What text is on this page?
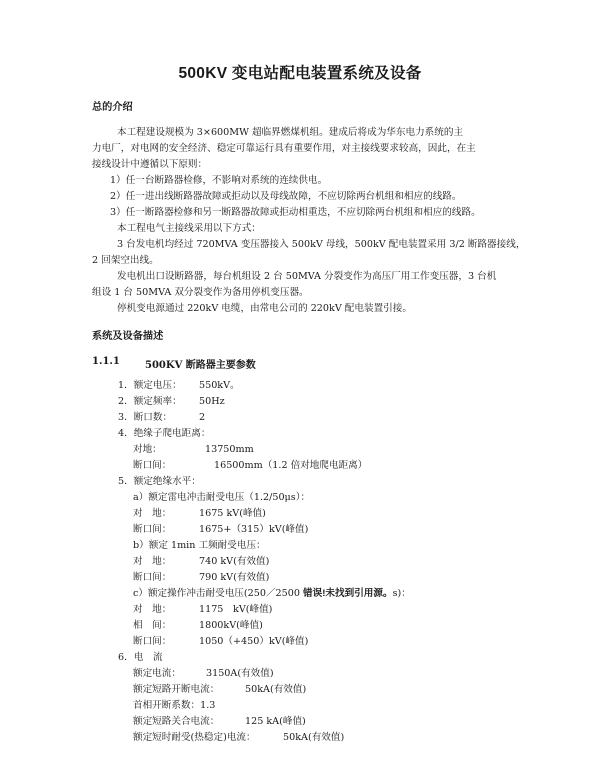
500KV 变电站配电装置系统及设备
总的介绍
本工程建设规模为 3×600MW 超临界燃煤机组。建成后将成为华东电力系统的主
力电厂，对电网的安全经济、稳定可靠运行具有重要作用，对主接线要求较高，因此，在主
接线设计中遵循以下原则：
1）任一台断路器检修，不影响对系统的连续供电。
2）任一进出线断路器故障或拒动以及母线故障，不应切除两台机组和相应的线路。
3）任一断路器检修和另一断路器故障或拒动相重迭，不应切除两台机组和相应的线路。
本工程电气主接线采用以下方式：
3 台发电机均经过 720MVA 变压器接入 500kV 母线，500kV 配电装置采用 3/2 断路器接线，
2 回架空出线。
发电机出口设断路器，每台机组设 2 台 50MVA 分裂变作为高压厂用工作变压器，3 台机
组设 1 台 50MVA 双分裂变作为备用停机变压器。
停机变电源通过 220kV 电缆，由常电公司的 220kV 配电装置引接。
系统及设备描述
1.1.1	500KV 断路器主要参数
1．额定电压： 550kV。
2．额定频率： 50Hz
3．断口数：	2
4．绝缘子爬电距离：
对地：	13750mm
断口间：	16500mm（1.2 倍对地爬电距离）
5．额定绝缘水平：
a）额定雷电冲击耐受电压（1.2/50μs）：
对　地：	1675 kV(峰值)
断口间：	1675+（315）kV(峰值)
b）额定 1min 工频耐受电压：
对　地：	740 kV(有效值)
断口间：	790 kV(有效值)
c）额定操作冲击耐受电压(250／2500 错误!未找到引用源。s)：
对　地：	1175　kV(峰值)
相　间：	1800kV(峰值)
断口间：	1050（+450）kV(峰值)
6．电　流
额定电流：	3150A(有效值)
额定短路开断电流：	50kA(有效值)
首相开断系数：1.3
额定短路关合电流：	125 kA(峰值)
额定短时耐受(热稳定)电流：	50kA(有效值)
